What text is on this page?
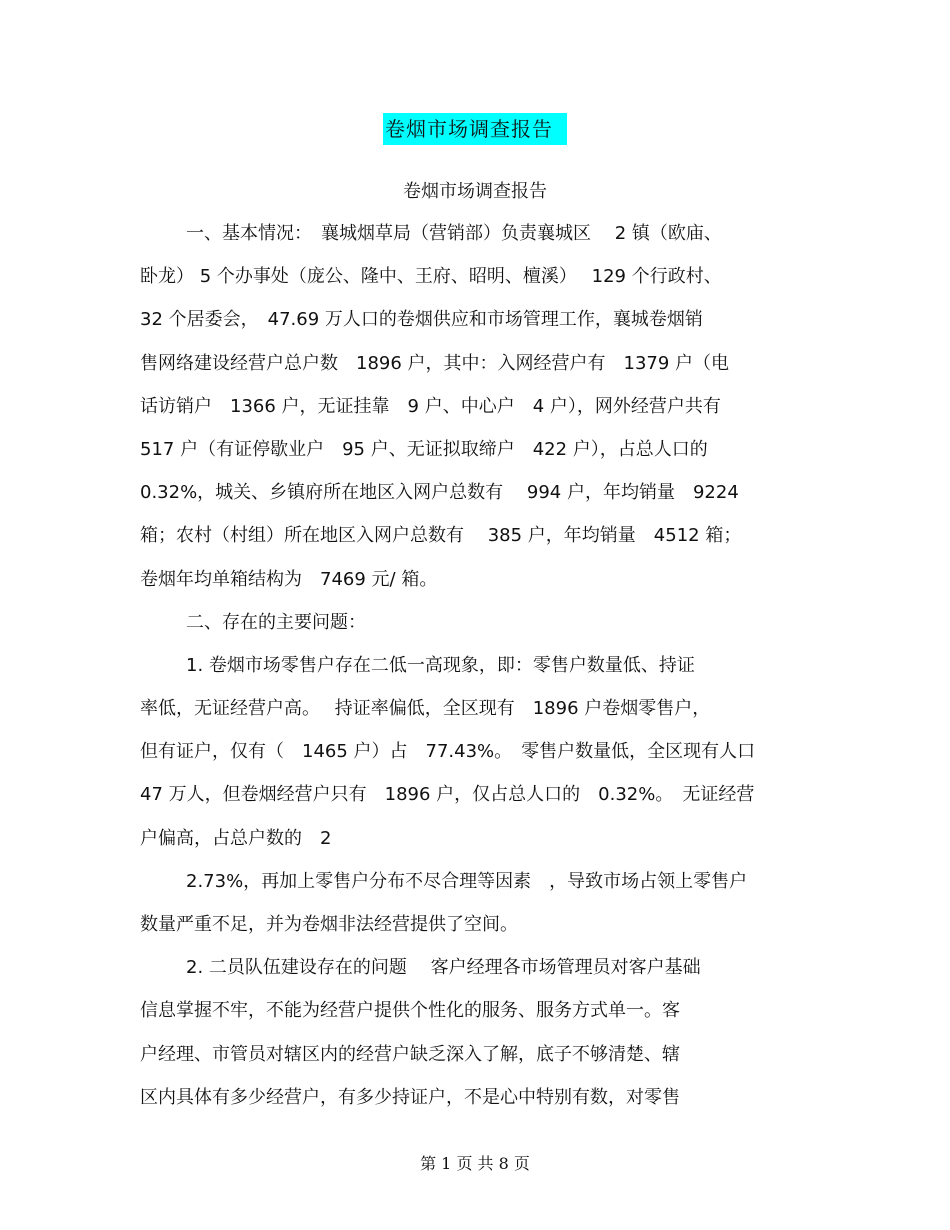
卷烟市场调查报告
卷烟市场调查报告
一、基本情况：　襄城烟草局（营销部）负责襄城区　 2 镇（欧庙、
卧龙） 5 个办事处（庞公、隆中、王府、昭明、檀溪）　 129 个行政村、
32 个居委会，　47.69 万人口的卷烟供应和市场管理工作，襄城卷烟销
售网络建设经营户总户数　1896 户，其中：入网经营户有　1379 户（电
话访销户　1366 户，无证挂靠　9 户、中心户　4 户），网外经营户共有
517 户（有证停歇业户　95 户、无证拟取缔户　422 户），占总人口的
0.32%，城关、乡镇府所在地区入网户总数有　 994 户，年均销量　9224
箱；农村（村组）所在地区入网户总数有　 385 户，年均销量　4512 箱；
卷烟年均单箱结构为　7469 元/ 箱。
二、存在的主要问题：
1. 卷烟市场零售户存在二低一高现象，即：零售户数量低、持证
率低，无证经营户高。　 持证率偏低，全区现有　1896 户卷烟零售户，
但有证户，仅有（　1465 户）占　77.43%。　零售户数量低，全区现有人口
47 万人，但卷烟经营户只有　1896 户，仅占总人口的　0.32%。　无证经营
户偏高，占总户数的　2
2.73%，再加上零售户分布不尽合理等因素　，导致市场占领上零售户
数量严重不足，并为卷烟非法经营提供了空间。
2. 二员队伍建设存在的问题　 客户经理各市场管理员对客户基础
信息掌握不牢，不能为经营户提供个性化的服务、服务方式单一。客
户经理、市管员对辖区内的经营户缺乏深入了解，底子不够清楚、辖
区内具体有多少经营户，有多少持证户，不是心中特别有数，对零售
第 1 页 共 8 页
